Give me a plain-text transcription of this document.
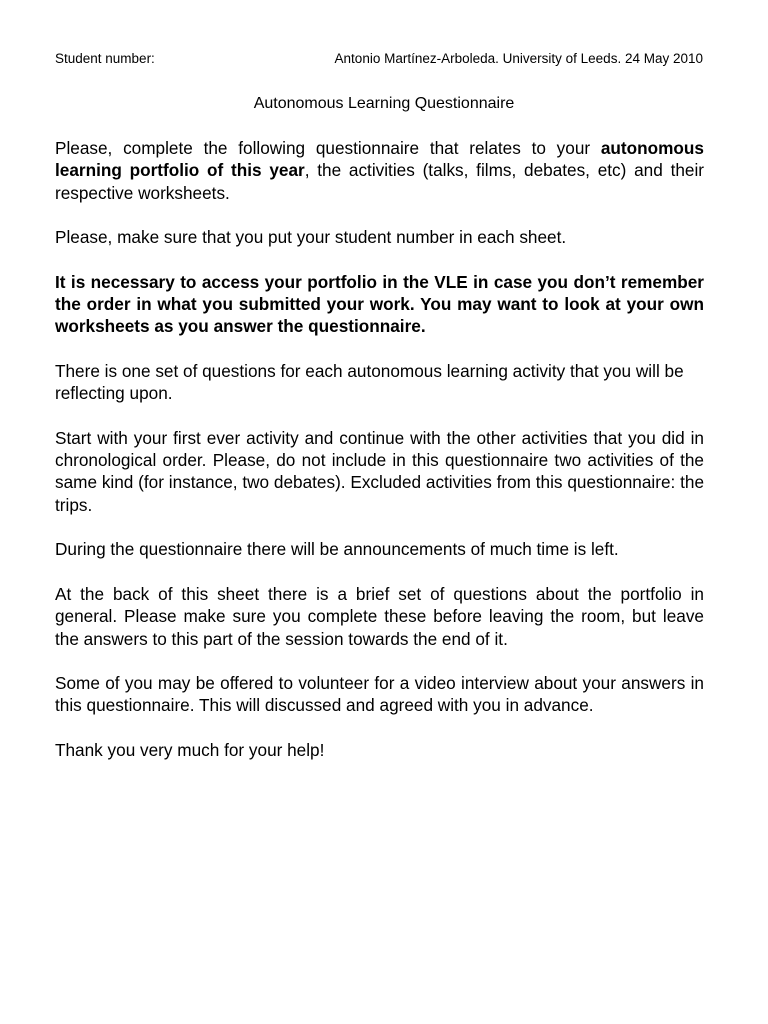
Student number:	Antonio Martínez-Arboleda. University of Leeds. 24 May 2010
Autonomous Learning Questionnaire

Please, complete the following questionnaire that relates to your autonomous learning portfolio of this year, the activities (talks, films, debates, etc) and their respective worksheets.

Please, make sure that you put your student number in each sheet.

It is necessary to access your portfolio in the VLE in case you don’t remember the order in what you submitted your work. You may want to look at your own worksheets as you answer the questionnaire.

There is one set of questions for each autonomous learning activity that you will be reflecting upon.

Start with your first ever activity and continue with the other activities that you did in chronological order. Please, do not include in this questionnaire two activities of the same kind (for instance, two debates). Excluded activities from this questionnaire: the trips.

During the questionnaire there will be announcements of much time is left.

At the back of this sheet there is a brief set of questions about the portfolio in general. Please make sure you complete these before leaving the room, but leave the answers to this part of the session towards the end of it.

Some of you may be offered to volunteer for a video interview about your answers in this questionnaire. This will discussed and agreed with you in advance.

Thank you very much for your help!
